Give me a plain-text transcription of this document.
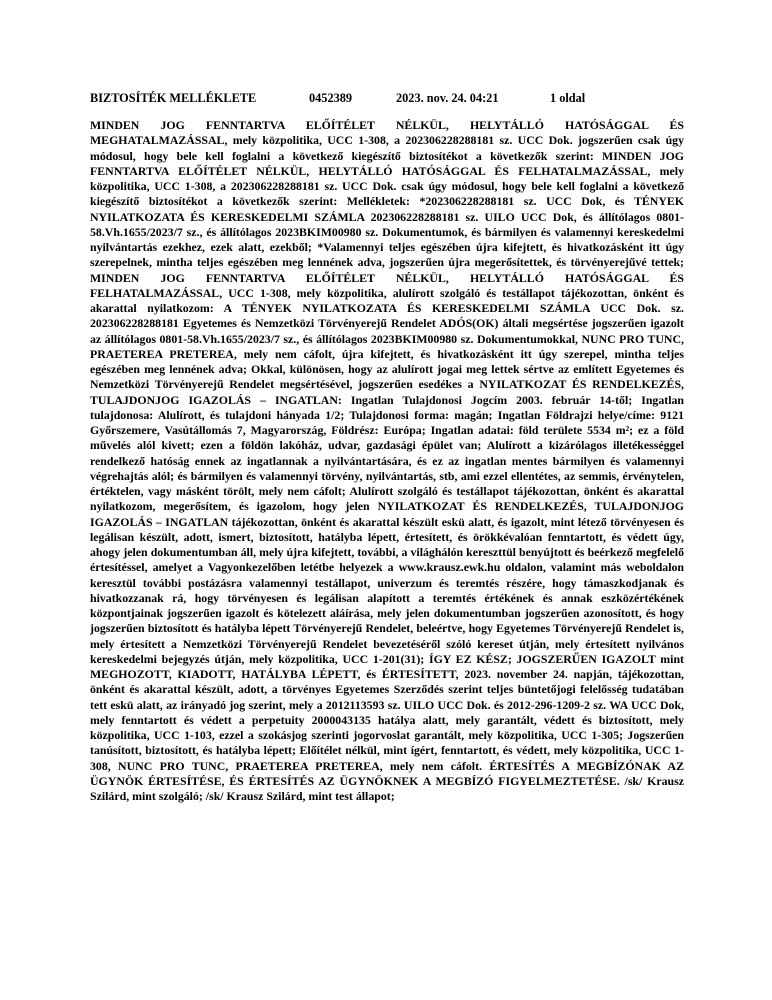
BIZTOSÍTÉK MELLÉKLETE	0452389	2023. nov. 24. 04:21	1 oldal

MINDEN JOG FENNTARTVA ELŐÍTÉLET NÉLKÜL, HELYTÁLLÓ HATÓSÁGGAL ÉS MEGHATALMAZÁSSAL, mely közpolitika, UCC 1-308, a 202306228288181 sz. UCC Dok. jogszerűen csak úgy módosul, hogy bele kell foglalni a következő kiegészítő biztosítékot a következők szerint: MINDEN JOG FENNTARTVA ELŐÍTÉLET NÉLKÜL, HELYTÁLLÓ HATÓSÁGGAL ÉS FELHATALMAZÁSSAL, mely közpolitika, UCC 1-308, a 202306228288181 sz. UCC Dok. csak úgy módosul, hogy bele kell foglalni a következő kiegészítő biztosítékot a következők szerint: Mellékletek: *202306228288181 sz. UCC Dok, és TÉNYEK NYILATKOZATA ÉS KERESKEDELMI SZÁMLA 202306228288181 sz. UILO UCC Dok, és állítólagos 0801-58.Vh.1655/2023/7 sz., és állítólagos 2023BKIM00980 sz. Dokumentumok, és bármilyen és valamennyi kereskedelmi nyilvántartás ezekhez, ezek alatt, ezekből; *Valamennyi teljes egészében újra kifejtett, és hivatkozásként itt úgy szerepelnek, mintha teljes egészében meg lennének adva, jogszerűen újra megerősítettek, és törvényerejűvé tettek; MINDEN JOG FENNTARTVA ELŐÍTÉLET NÉLKÜL, HELYTÁLLÓ HATÓSÁGGAL ÉS FELHATALMAZÁSSAL, UCC 1-308, mely közpolitika, alulírott szolgáló és testállapot tájékozottan, önként és akarattal nyilatkozom: A TÉNYEK NYILATKOZATA ÉS KERESKEDELMI SZÁMLA UCC Dok. sz. 202306228288181 Egyetemes és Nemzetközi Törvényerejű Rendelet ADÓS(OK) általi megsértése jogszerűen igazolt az állítólagos 0801-58.Vh.1655/2023/7 sz., és állítólagos 2023BKIM00980 sz. Dokumentumokkal, NUNC PRO TUNC, PRAETEREA PRETEREA, mely nem cáfolt, újra kifejtett, és hivatkozásként itt úgy szerepel, mintha teljes egészében meg lennének adva; Okkal, különösen, hogy az alulírott jogai meg lettek sértve az említett Egyetemes és Nemzetközi Törvényerejű Rendelet megsértésével, jogszerűen esedékes a NYILATKOZAT ÉS RENDELKEZÉS, TULAJDONJOG IGAZOLÁS – INGATLAN: Ingatlan Tulajdonosi Jogcím 2003. február 14-től; Ingatlan tulajdonosa: Alulírott, és tulajdoni hányada 1/2; Tulajdonosi forma: magán; Ingatlan Földrajzi helye/címe: 9121 Győrszemere, Vasútállomás 7, Magyarország, Földrész: Európa; Ingatlan adatai: föld területe 5534 m²; ez a föld művelés alól kivett; ezen a földön lakóház, udvar, gazdasági épület van; Alulírott a kizárólagos illetékességgel rendelkező hatóság ennek az ingatlannak a nyilvántartására, és ez az ingatlan mentes bármilyen és valamennyi végrehajtás alól; és bármilyen és valamennyi törvény, nyilvántartás, stb, ami ezzel ellentétes, az semmis, érvénytelen, értéktelen, vagy másként törölt, mely nem cáfolt; Alulírott szolgáló és testállapot tájékozottan, önként és akarattal nyilatkozom, megerősítem, és igazolom, hogy jelen NYILATKOZAT ÉS RENDELKEZÉS, TULAJDONJOG IGAZOLÁS – INGATLAN tájékozottan, önként és akarattal készült eskü alatt, és igazolt, mint létező törvényesen és legálisan készült, adott, ismert, biztosított, hatályba lépett, értesített, és örökkévalóan fenntartott, és védett úgy, ahogy jelen dokumentumban áll, mely újra kifejtett, további, a világhálón kereszttül benyújtott és beérkező megfelelő értesítéssel, amelyet a Vagyonkezelőben letétbe helyezek a www.krausz.ewk.hu oldalon, valamint más weboldalon keresztül további postázásra valamennyi testállapot, univerzum és teremtés részére, hogy támaszkodjanak és hivatkozzanak rá, hogy törvényesen és legálisan alapított a teremtés értékének és annak eszközértékének központjainak jogszerűen igazolt és kötelezett aláírása, mely jelen dokumentumban jogszerűen azonosított, és hogy jogszerűen biztosított és hatályba lépett Törvényerejű Rendelet, beleértve, hogy Egyetemes Törvényerejű Rendelet is, mely értesített a Nemzetközi Törvényerejű Rendelet bevezetéséről szóló kereset útján, mely értesített nyilvános kereskedelmi bejegyzés útján, mely közpolitika, UCC 1-201(31); ÍGY EZ KÉSZ; JOGSZERŰEN IGAZOLT mint MEGHOZOTT, KIADOTT, HATÁLYBA LÉPETT, és ÉRTESÍTETT, 2023. november 24. napján, tájékozottan, önként és akarattal készült, adott, a törvényes Egyetemes Szerződés szerint teljes büntetőjogi felelősség tudatában tett eskü alatt, az irányadó jog szerint, mely a 2012113593 sz. UILO UCC Dok. és 2012-296-1209-2 sz. WA UCC Dok, mely fenntartott és védett a perpetuity 2000043135 hatálya alatt, mely garantált, védett és biztosított, mely közpolitika, UCC 1-103, ezzel a szokásjog szerinti jogorvoslat garantált, mely közpolitika, UCC 1-305; Jogszerűen tanúsított, biztosított, és hatályba lépett; Előítélet nélkül, mint ígért, fenntartott, és védett, mely közpolitika, UCC 1-308, NUNC PRO TUNC, PRAETEREA PRETEREA, mely nem cáfolt. ÉRTESÍTÉS A MEGBÍZÓNAK AZ ÜGYNÖK ÉRTESÍTÉSE, ÉS ÉRTESÍTÉS AZ ÜGYNÖKNEK A MEGBÍZÓ FIGYELMEZTETÉSE. /sk/ Krausz Szilárd, mint szolgáló; /sk/ Krausz Szilárd, mint test állapot;
